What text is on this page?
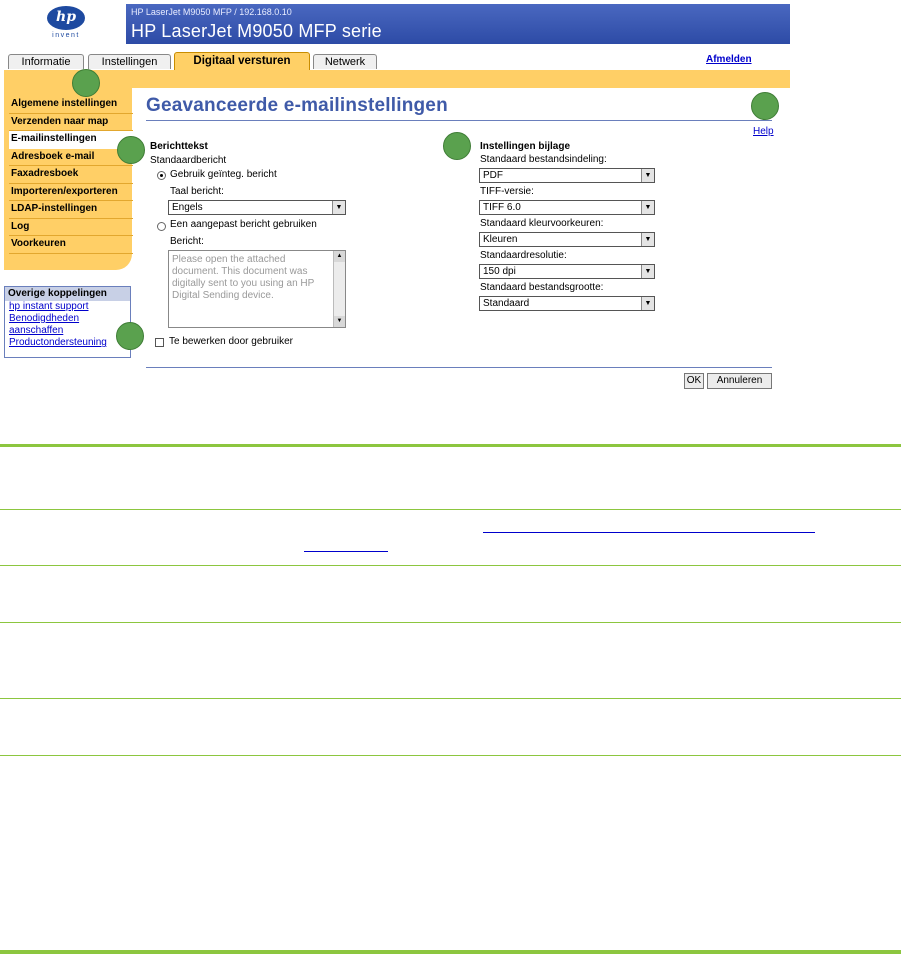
hp
invent
HP LaserJet M9050 MFP / 192.168.0.10
HP LaserJet M9050 MFP serie
Informatie	Instellingen	Digitaal versturen	Netwerk	Afmelden
Algemene instellingen
Verzenden naar map
E-mailinstellingen
Adresboek e-mail
Faxadresboek
Importeren/exporteren
LDAP-instellingen
Log
Voorkeuren
Overige koppelingen
hp instant support
Benodigdheden
aanschaffen
Productondersteuning
Geavanceerde e-mailinstellingen
Help
Berichttekst
Standaardbericht
Gebruik geïnteg. bericht
Taal bericht:
Engels	▼
Een aangepast bericht gebruiken
Bericht:
Please open the attached document. This document was digitally sent to you using an HP Digital Sending device.
▲
▼
Te bewerken door gebruiker
Instellingen bijlage
Standaard bestandsindeling:
PDF	▼
TIFF-versie:
TIFF 6.0	▼
Standaard kleurvoorkeuren:
Kleuren	▼
Standaardresolutie:
150 dpi	▼
Standaard bestandsgrootte:
Standaard	▼
OK	Annuleren
